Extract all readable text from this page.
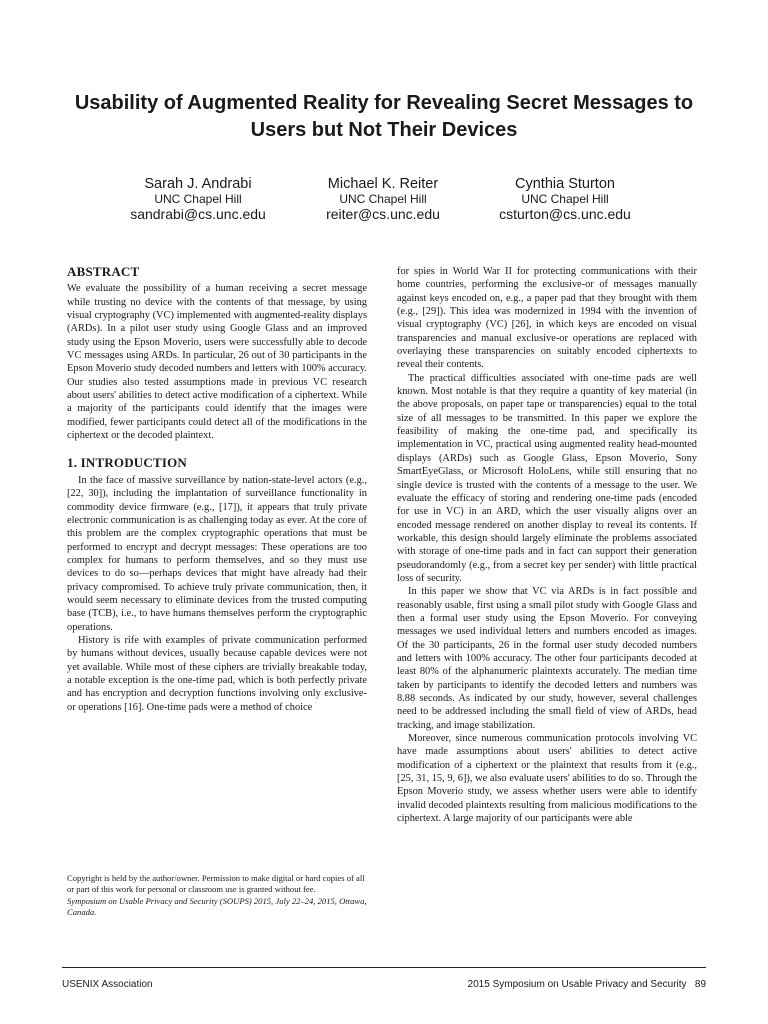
Usability of Augmented Reality for Revealing Secret Messages to Users but Not Their Devices
Sarah J. Andrabi
UNC Chapel Hill
sandrabi@cs.unc.edu
Michael K. Reiter
UNC Chapel Hill
reiter@cs.unc.edu
Cynthia Sturton
UNC Chapel Hill
csturton@cs.unc.edu
ABSTRACT

We evaluate the possibility of a human receiving a secret message while trusting no device with the contents of that message, by using visual cryptography (VC) implemented with augmented-reality displays (ARDs). In a pilot user study using Google Glass and an improved study using the Epson Moverio, users were successfully able to decode VC messages using ARDs. In particular, 26 out of 30 participants in the Epson Moverio study decoded numbers and letters with 100% accuracy. Our studies also tested assumptions made in previous VC research about users' abilities to detect active modification of a ciphertext. While a majority of the participants could identify that the images were modified, fewer participants could detect all of the modifications in the ciphertext or the decoded plaintext.

1. INTRODUCTION

In the face of massive surveillance by nation-state-level actors (e.g., [22, 30]), including the implantation of surveillance functionality in commodity device firmware (e.g., [17]), it appears that truly private electronic communication is as challenging today as ever. At the core of this problem are the complex cryptographic operations that must be performed to encrypt and decrypt messages: These operations are too complex for humans to perform themselves, and so they must use devices to do so—perhaps devices that might have already had their privacy compromised. To achieve truly private communication, then, it would seem necessary to eliminate devices from the trusted computing base (TCB), i.e., to have humans themselves perform the cryptographic operations.

History is rife with examples of private communication performed by humans without devices, usually because capable devices were not yet available. While most of these ciphers are trivially breakable today, a notable exception is the one-time pad, which is both perfectly private and has encryption and decryption functions involving only exclusive-or operations [16]. One-time pads were a method of choice

for spies in World War II for protecting communications with their home countries, performing the exclusive-or of messages manually against keys encoded on, e.g., a paper pad that they brought with them (e.g., [29]). This idea was modernized in 1994 with the invention of visual cryptography (VC) [26], in which keys are encoded on visual transparencies and manual exclusive-or operations are replaced with overlaying these transparencies on suitably encoded ciphertexts to reveal their contents.

The practical difficulties associated with one-time pads are well known. Most notable is that they require a quantity of key material (in the above proposals, on paper tape or transparencies) equal to the total size of all messages to be transmitted. In this paper we explore the feasibility of making the one-time pad, and specifically its implementation in VC, practical using augmented reality head-mounted displays (ARDs) such as Google Glass, Epson Moverio, Sony SmartEyeGlass, or Microsoft HoloLens, while still ensuring that no single device is trusted with the contents of a message to the user. We evaluate the efficacy of storing and rendering one-time pads (encoded for use in VC) in an ARD, which the user visually aligns over an encoded message rendered on another display to reveal its contents. If workable, this design should largely eliminate the problems associated with storage of one-time pads and in fact can support their generation pseudorandomly (e.g., from a secret key per sender) with little practical loss of security.

In this paper we show that VC via ARDs is in fact possible and reasonably usable, first using a small pilot study with Google Glass and then a formal user study using the Epson Moverio. For conveying messages we used individual letters and numbers encoded as images. Of the 30 participants, 26 in the formal user study decoded numbers and letters with 100% accuracy. The other four participants decoded at least 80% of the alphanumeric plaintexts accurately. The median time taken by participants to identify the decoded letters and numbers was 8.88 seconds. As indicated by our study, however, several challenges need to be addressed including the small field of view of ARDs, head tracking, and image stabilization.

Moreover, since numerous communication protocols involving VC have made assumptions about users' abilities to detect active modification of a ciphertext or the plaintext that results from it (e.g., [25, 31, 15, 9, 6]), we also evaluate users' abilities to do so. Through the Epson Moverio study, we assess whether users were able to identify invalid decoded plaintexts resulting from malicious modifications to the ciphertext. A large majority of our participants were able

Copyright is held by the author/owner. Permission to make digital or hard copies of all or part of this work for personal or classroom use is granted without fee.
Symposium on Usable Privacy and Security (SOUPS) 2015, July 22–24, 2015, Ottawa, Canada.
USENIX Association	2015 Symposium on Usable Privacy and Security   89
